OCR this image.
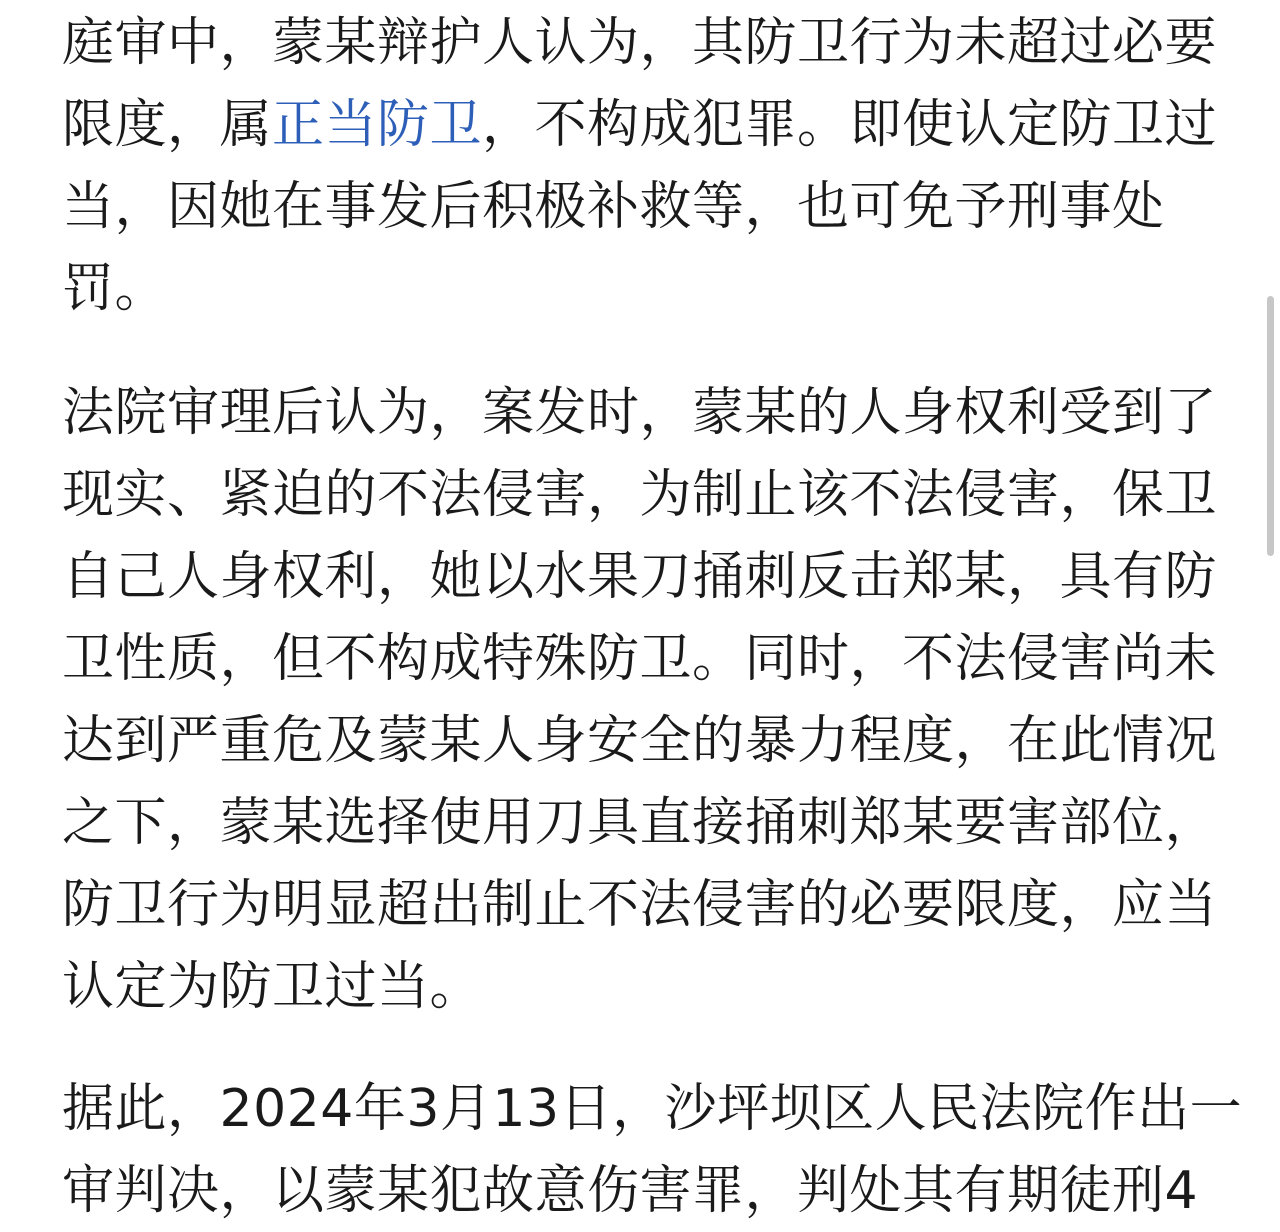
庭审中，蒙某辩护人认为，其防卫行为未超过必要
限度，属正当防卫，不构成犯罪。即使认定防卫过
当，因她在事发后积极补救等，也可免予刑事处
罚。

法院审理后认为，案发时，蒙某的人身权利受到了
现实、紧迫的不法侵害，为制止该不法侵害，保卫
自己人身权利，她以水果刀捅刺反击郑某，具有防
卫性质，但不构成特殊防卫。同时，不法侵害尚未
达到严重危及蒙某人身安全的暴力程度，在此情况
之下，蒙某选择使用刀具直接捅刺郑某要害部位，
防卫行为明显超出制止不法侵害的必要限度，应当
认定为防卫过当。

据此，2024年3月13日，沙坪坝区人民法院作出一
审判决，以蒙某犯故意伤害罪，判处其有期徒刑4
